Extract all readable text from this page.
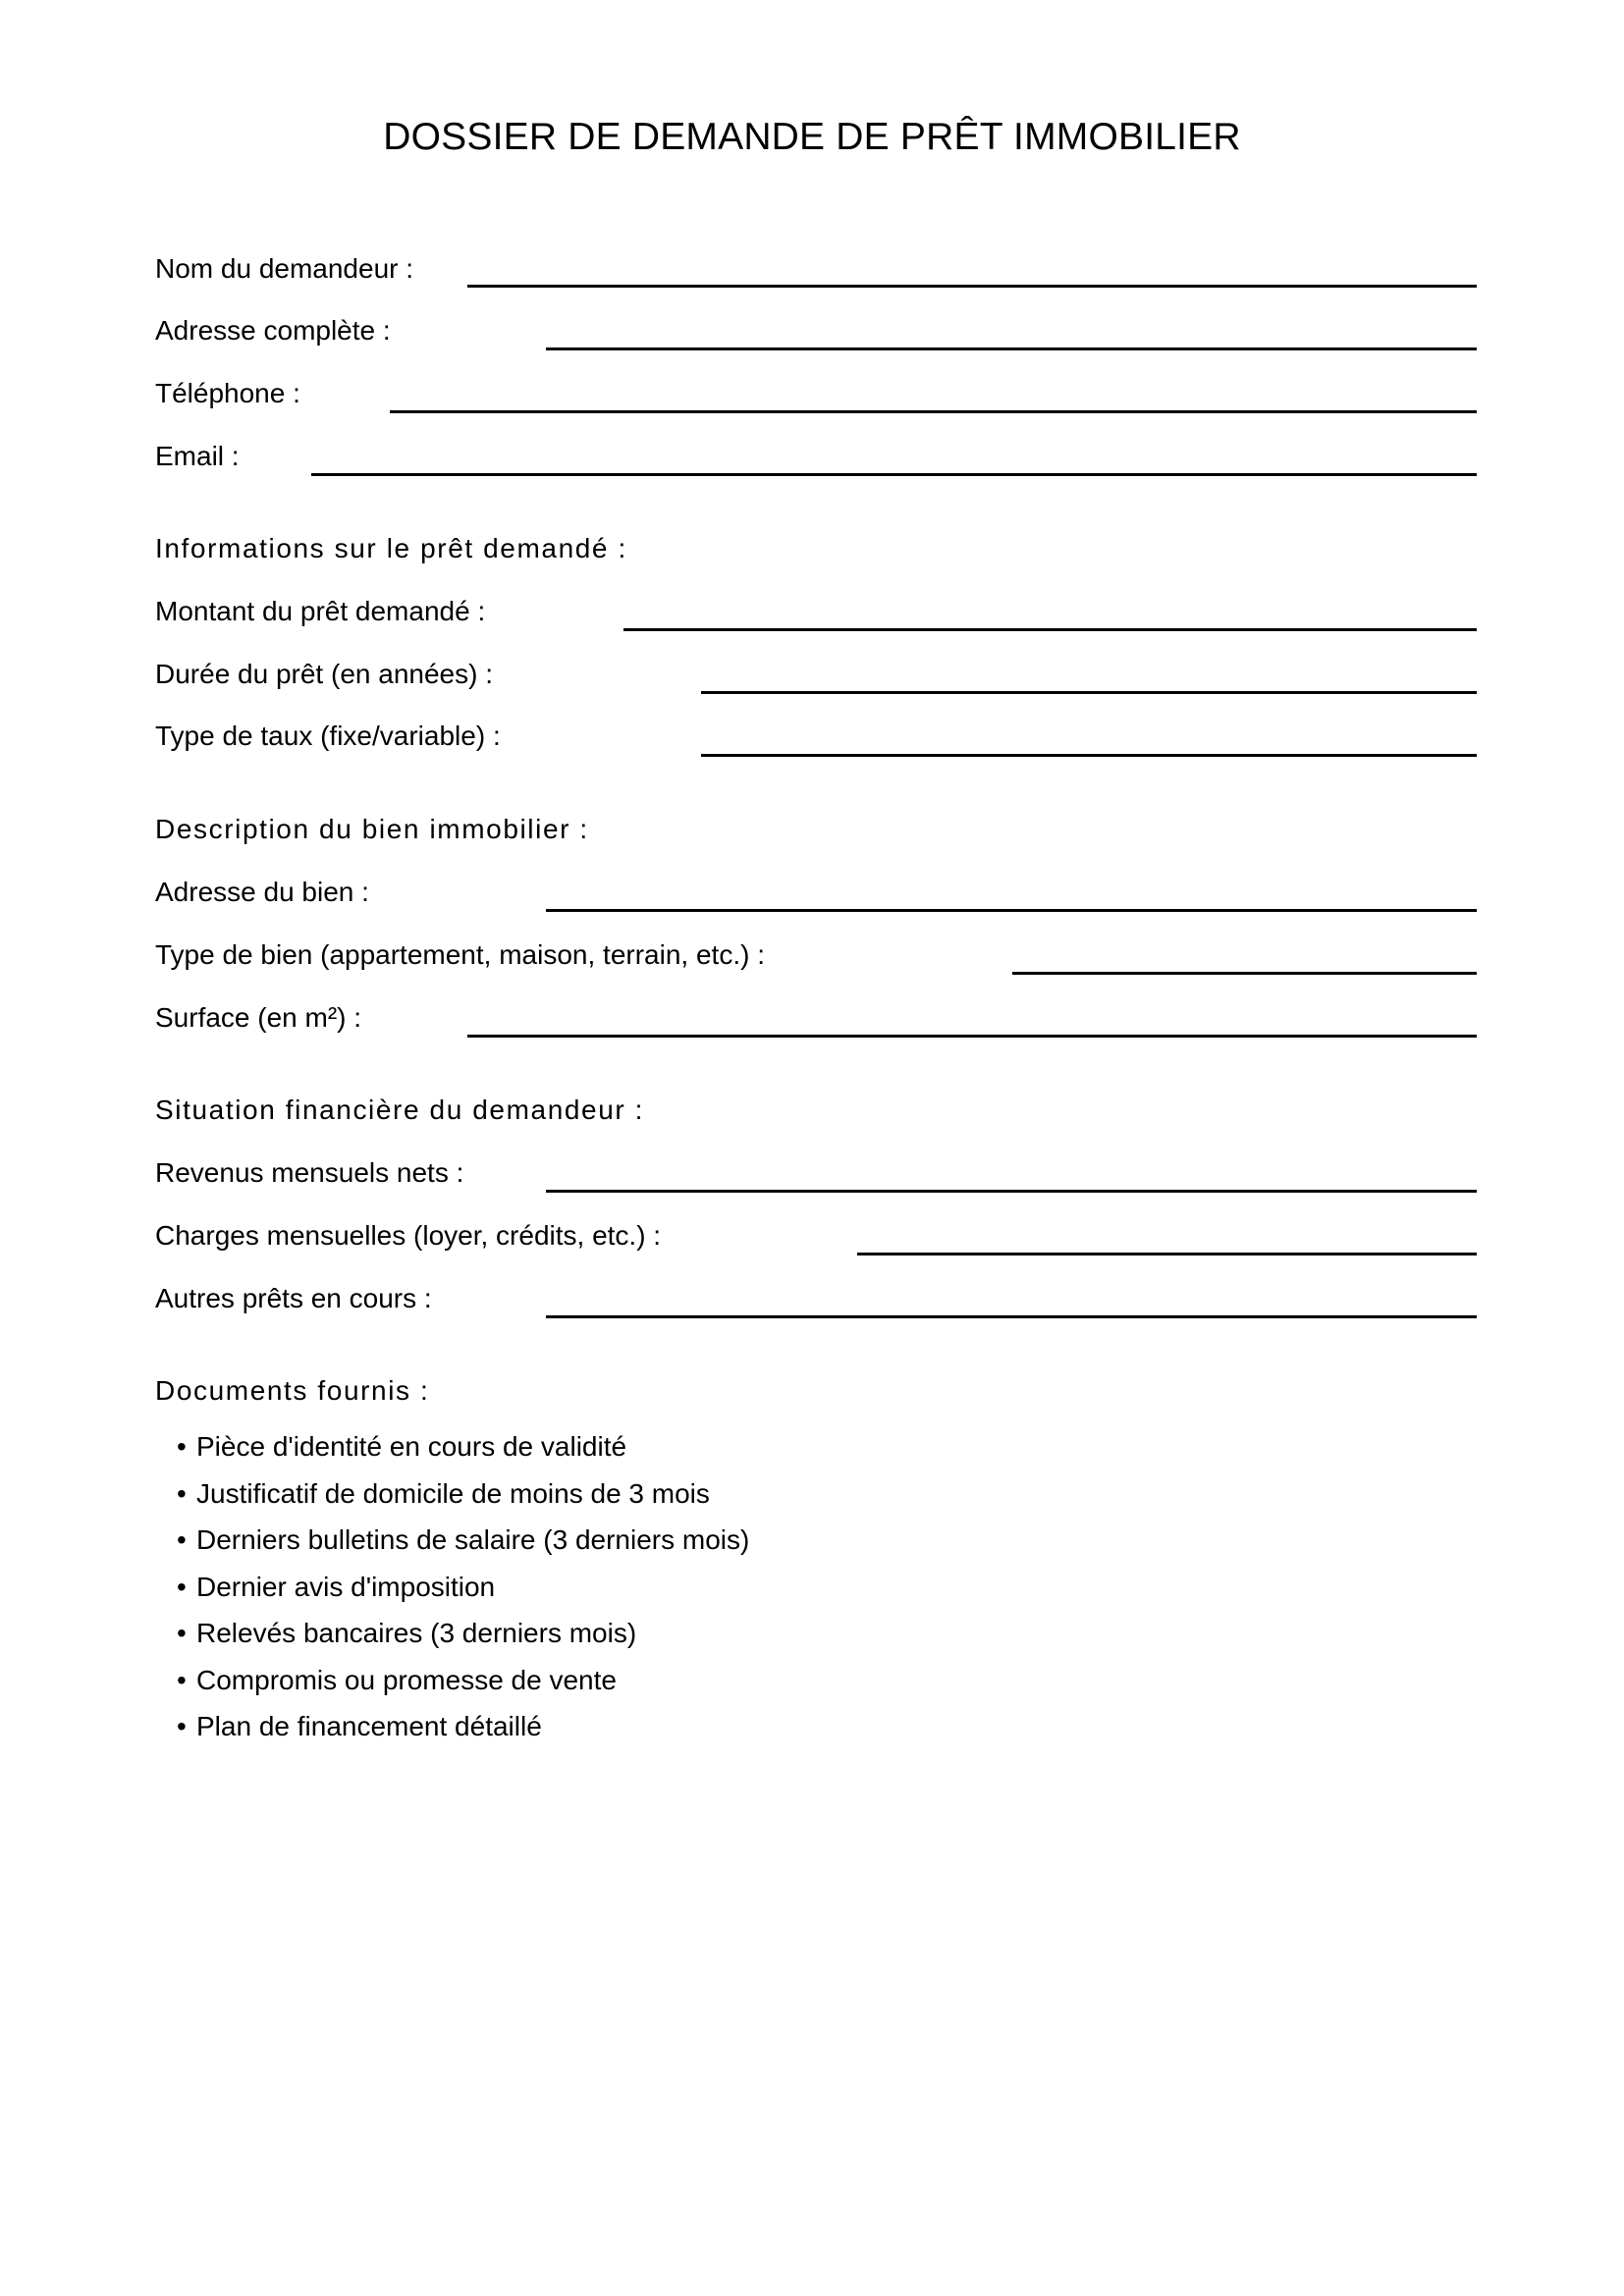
DOSSIER DE DEMANDE DE PRÊT IMMOBILIER
Nom du demandeur :
Adresse complète :
Téléphone :
Email :
Informations sur le prêt demandé :
Montant du prêt demandé :
Durée du prêt (en années) :
Type de taux (fixe/variable) :
Description du bien immobilier :
Adresse du bien :
Type de bien (appartement, maison, terrain, etc.) :
Surface (en m²) :
Situation financière du demandeur :
Revenus mensuels nets :
Charges mensuelles (loyer, crédits, etc.) :
Autres prêts en cours :
Documents fournis :
• Pièce d'identité en cours de validité
• Justificatif de domicile de moins de 3 mois
• Derniers bulletins de salaire (3 derniers mois)
• Dernier avis d'imposition
• Relevés bancaires (3 derniers mois)
• Compromis ou promesse de vente
• Plan de financement détaillé
